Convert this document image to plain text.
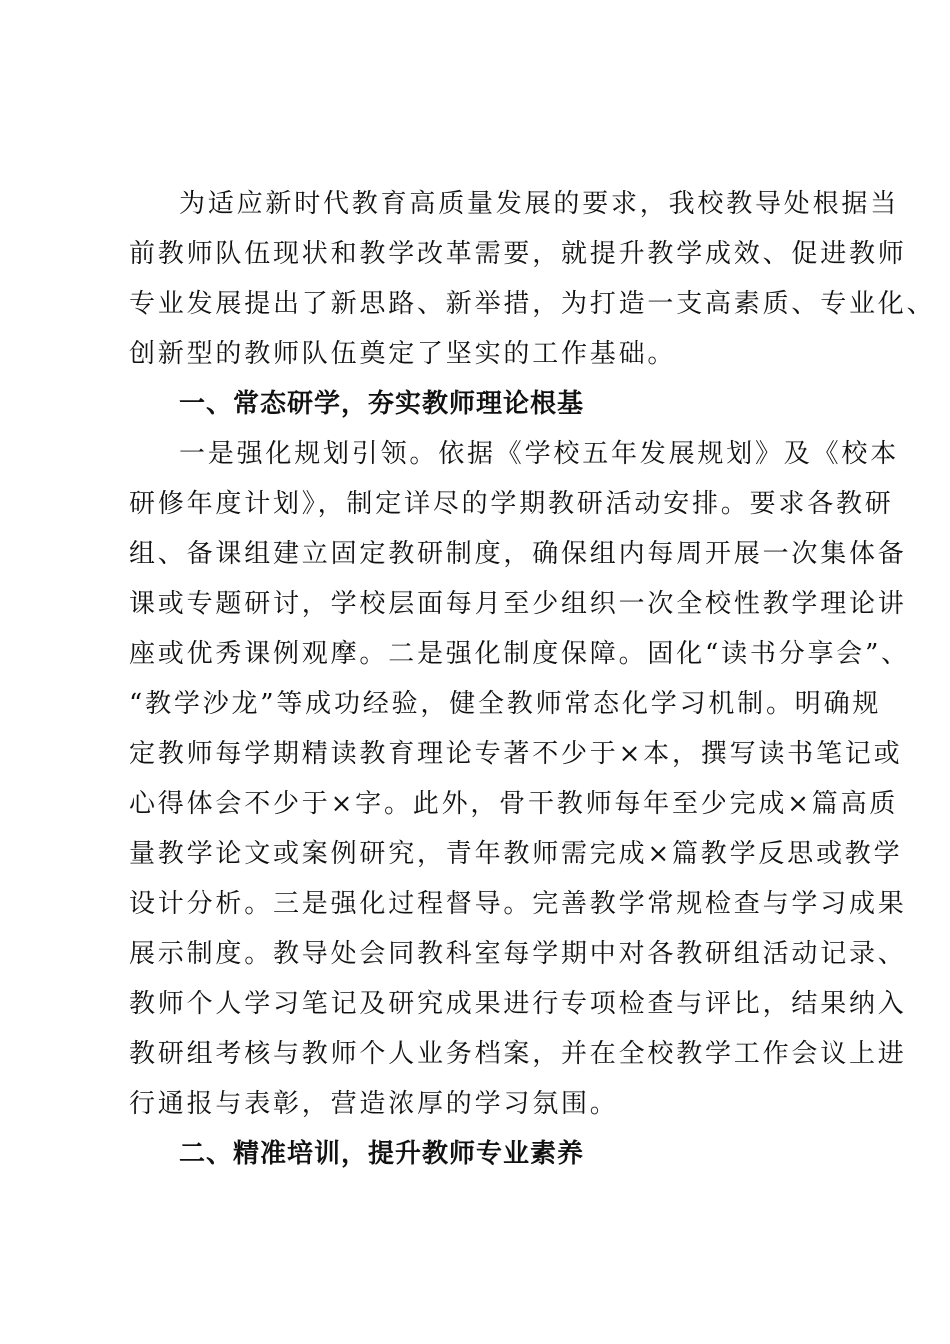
为适应新时代教育高质量发展的要求，我校教导处根据当
前教师队伍现状和教学改革需要，就提升教学成效、促进教师
专业发展提出了新思路、新举措，为打造一支高素质、专业化、
创新型的教师队伍奠定了坚实的工作基础。
一、常态研学，夯实教师理论根基
一是强化规划引领。依据《学校五年发展规划》及《校本
研修年度计划》，制定详尽的学期教研活动安排。要求各教研
组、备课组建立固定教研制度，确保组内每周开展一次集体备
课或专题研讨，学校层面每月至少组织一次全校性教学理论讲
座或优秀课例观摩。二是强化制度保障。固化“读书分享会”、
“教学沙龙”等成功经验，健全教师常态化学习机制。明确规
定教师每学期精读教育理论专著不少于×本，撰写读书笔记或
心得体会不少于×字。此外，骨干教师每年至少完成×篇高质
量教学论文或案例研究，青年教师需完成×篇教学反思或教学
设计分析。三是强化过程督导。完善教学常规检查与学习成果
展示制度。教导处会同教科室每学期中对各教研组活动记录、
教师个人学习笔记及研究成果进行专项检查与评比，结果纳入
教研组考核与教师个人业务档案，并在全校教学工作会议上进
行通报与表彰，营造浓厚的学习氛围。
二、精准培训，提升教师专业素养
